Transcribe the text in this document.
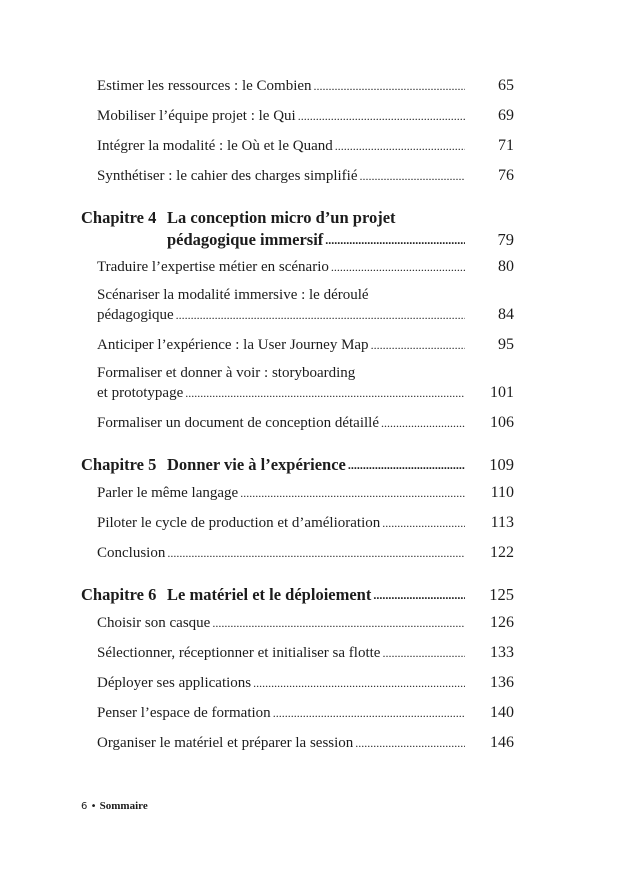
Estimer les ressources : le Combien . . .	65
Mobiliser l’équipe projet : le Qui . . .	69
Intégrer la modalité : le Où et le Quand . . .	71
Synthétiser : le cahier des charges simplifié . . .	76
Chapitre 4 La conception micro d’un projet
pédagogique immersif . . .	79
Traduire l’expertise métier en scénario . . .	80
Scénariser la modalité immersive : le déroulé
pédagogique . . .	84
Anticiper l’expérience : la User Journey Map . . .	95
Formaliser et donner à voir : storyboarding
et prototypage . . .	101
Formaliser un document de conception détaillé . . .	106
Chapitre 5 Donner vie à l’expérience . . .	109
Parler le même langage . . .	110
Piloter le cycle de production et d’amélioration . . .	113
Conclusion . . .	122
Chapitre 6 Le matériel et le déploiement . . .	125
Choisir son casque . . .	126
Sélectionner, réceptionner et initialiser sa flotte . . .	133
Déployer ses applications . . .	136
Penser l’espace de formation . . .	140
Organiser le matériel et préparer la session . . .	146
6 • Sommaire
